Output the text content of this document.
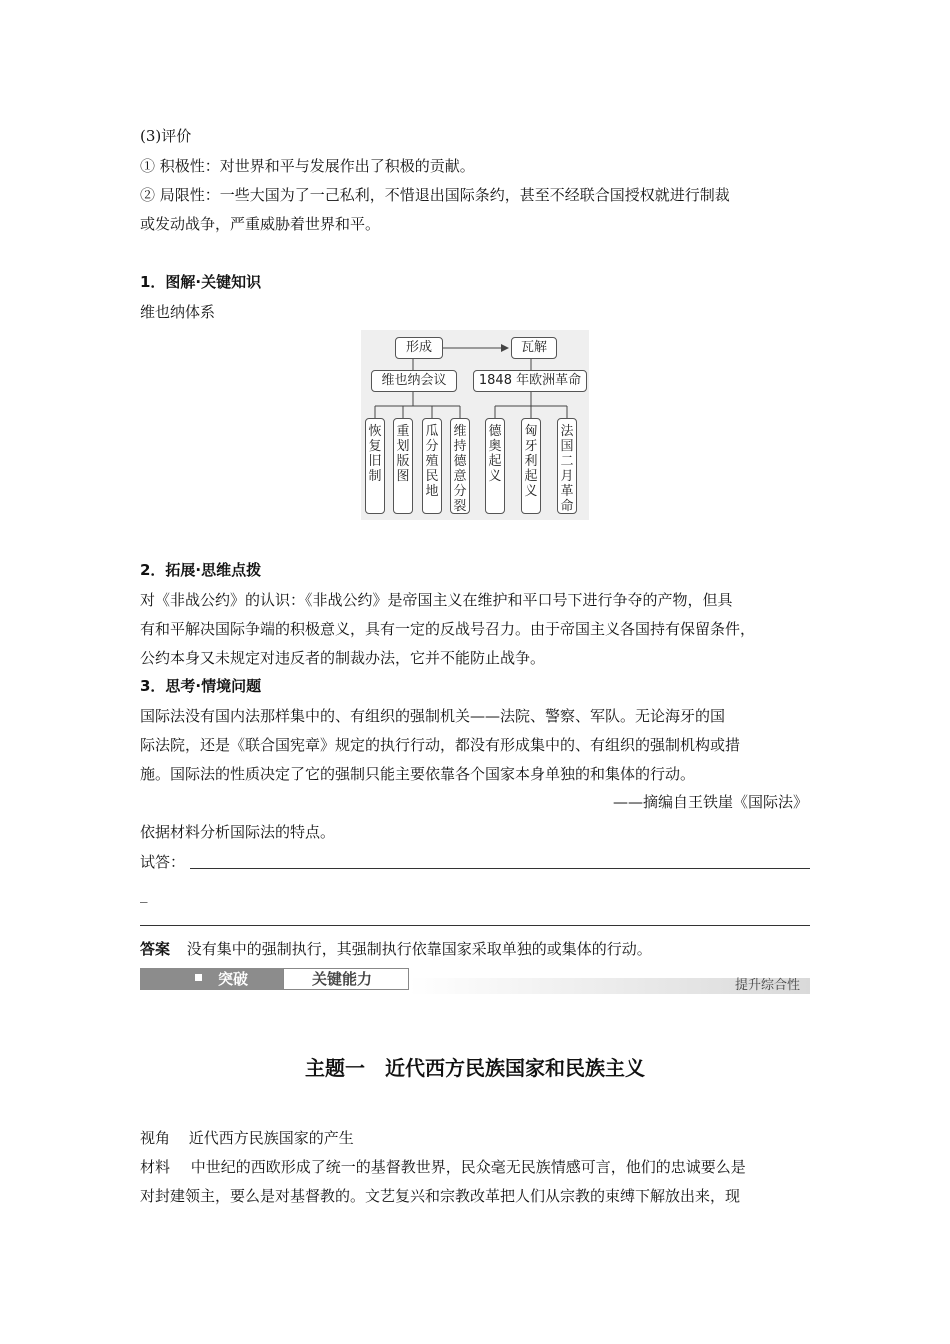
(3)评价
① 积极性：对世界和平与发展作出了积极的贡献。
② 局限性：一些大国为了一己私利，不惜退出国际条约，甚至不经联合国授权就进行制裁
或发动战争，严重威胁着世界和平。
1．图解·关键知识
维也纳体系
形成	瓦解
维也纳会议	1848 年欧洲革命
恢复旧制
重划版图
瓜分殖民地
维持德意分裂
德奥起义
匈牙利起义
法国二月革命
2．拓展·思维点拨
对《非战公约》的认识：《非战公约》是帝国主义在维护和平口号下进行争夺的产物，但具
有和平解决国际争端的积极意义，具有一定的反战号召力。由于帝国主义各国持有保留条件，
公约本身又未规定对违反者的制裁办法，它并不能防止战争。
3．思考·情境问题
国际法没有国内法那样集中的、有组织的强制机关——法院、警察、军队。无论海牙的国
际法院，还是《联合国宪章》规定的执行行动，都没有形成集中的、有组织的强制机构或措
施。国际法的性质决定了它的强制只能主要依靠各个国家本身单独的和集体的行动。
——摘编自王铁崖《国际法》
依据材料分析国际法的特点。
试答：
_
答案 没有集中的强制执行，其强制执行依靠国家采取单独的或集体的行动。
突破	关键能力	提升综合性
主题一　近代西方民族国家和民族主义
视角 近代西方民族国家的产生
材料 中世纪的西欧形成了统一的基督教世界，民众毫无民族情感可言，他们的忠诚要么是
对封建领主，要么是对基督教的。文艺复兴和宗教改革把人们从宗教的束缚下解放出来，现
